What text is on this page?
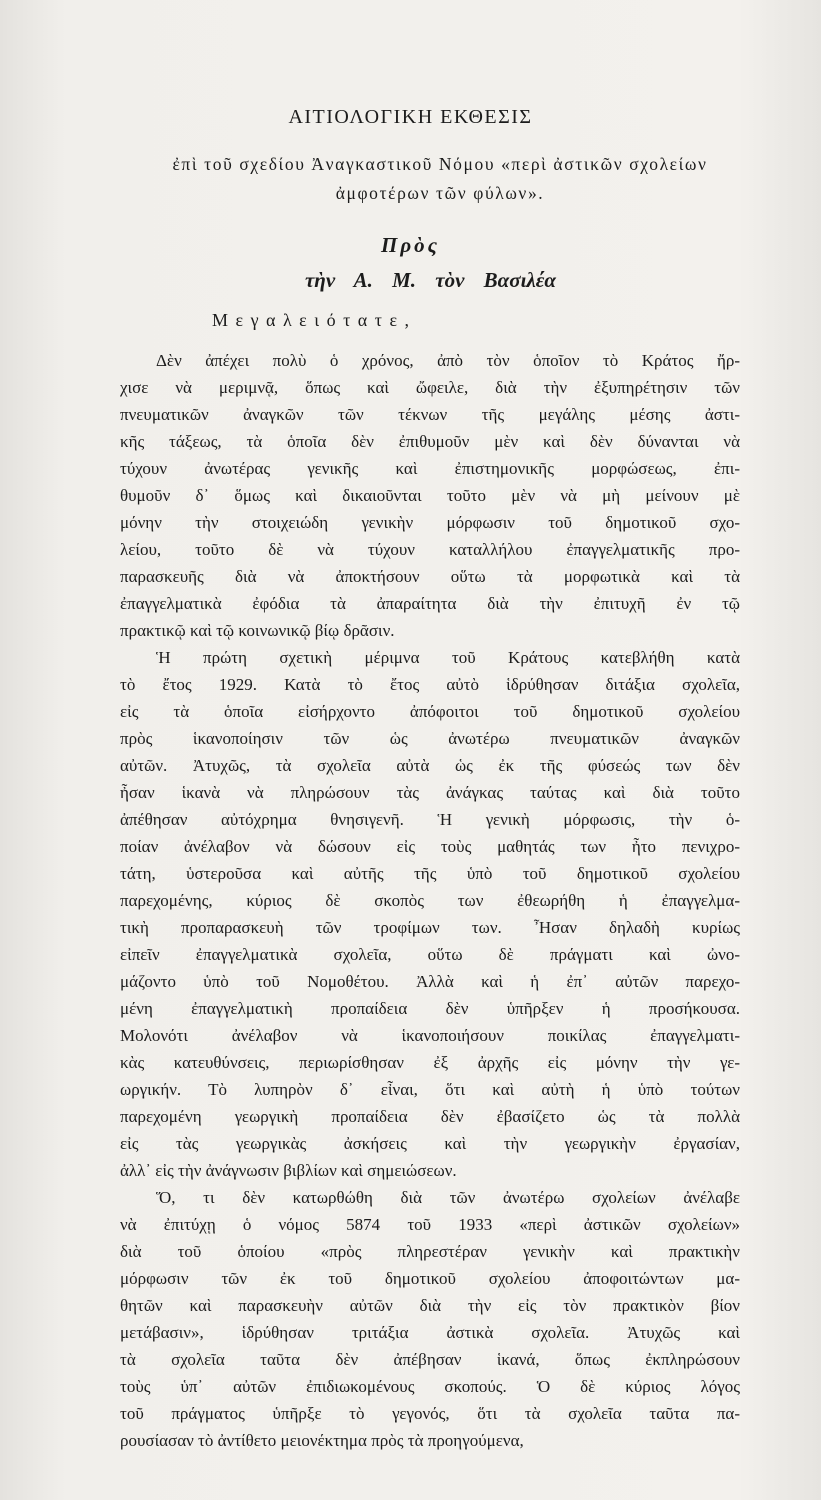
ΑΙΤΙΟΛΟΓΙΚΗ ΕΚΘΕΣΙΣ
ἐπὶ τοῦ σχεδίου Ἀναγκαστικοῦ Νόμου «περὶ ἀστικῶν σχολείων
ἀμφοτέρων τῶν φύλων».
Πρὸς
τὴν Α. Μ. τὸν Βασιλέα
Μεγαλειότατε,
Δὲν ἀπέχει πολὺ ὁ χρόνος, ἀπὸ τὸν ὁποῖον τὸ Κράτος ἤρ-
χισε νὰ μεριμνᾷ, ὅπως καὶ ὤφειλε, διὰ τὴν ἐξυπηρέτησιν τῶν
πνευματικῶν ἀναγκῶν τῶν τέκνων τῆς μεγάλης μέσης ἀστι-
κῆς τάξεως, τὰ ὁποῖα δὲν ἐπιθυμοῦν μὲν καὶ δὲν δύνανται νὰ
τύχουν ἀνωτέρας γενικῆς καὶ ἐπιστημονικῆς μορφώσεως, ἐπι-
θυμοῦν δ᾽ ὅμως καὶ δικαιοῦνται τοῦτο μὲν νὰ μὴ μείνουν μὲ
μόνην τὴν στοιχειώδη γενικὴν μόρφωσιν τοῦ δημοτικοῦ σχο-
λείου, τοῦτο δὲ νὰ τύχουν καταλλήλου ἐπαγγελματικῆς προ-
παρασκευῆς διὰ νὰ ἀποκτήσουν οὕτω τὰ μορφωτικὰ καὶ τὰ
ἐπαγγελματικὰ ἐφόδια τὰ ἀπαραίτητα διὰ τὴν ἐπιτυχῆ ἐν τῷ
πρακτικῷ καὶ τῷ κοινωνικῷ βίῳ δρᾶσιν.
Ἡ πρώτη σχετικὴ μέριμνα τοῦ Κράτους κατεβλήθη κατὰ
τὸ ἔτος 1929. Κατὰ τὸ ἔτος αὐτὸ ἱδρύθησαν διτάξια σχολεῖα,
εἰς τὰ ὁποῖα εἰσήρχοντο ἀπόφοιτοι τοῦ δημοτικοῦ σχολείου
πρὸς ἱκανοποίησιν τῶν ὡς ἀνωτέρω πνευματικῶν ἀναγκῶν
αὐτῶν. Ἀτυχῶς, τὰ σχολεῖα αὐτὰ ὡς ἐκ τῆς φύσεώς των δὲν
ἦσαν ἱκανὰ νὰ πληρώσουν τὰς ἀνάγκας ταύτας καὶ διὰ τοῦτο
ἀπέθησαν αὐτόχρημα θνησιγενῆ. Ἡ γενικὴ μόρφωσις, τὴν ὁ-
ποίαν ἀνέλαβον νὰ δώσουν εἰς τοὺς μαθητάς των ἦτο πενιχρο-
τάτη, ὑστεροῦσα καὶ αὐτῆς τῆς ὑπὸ τοῦ δημοτικοῦ σχολείου
παρεχομένης, κύριος δὲ σκοπὸς των ἐθεωρήθη ἡ ἐπαγγελμα-
τικὴ προπαρασκευὴ τῶν τροφίμων των. Ἦσαν δηλαδὴ κυρίως
εἰπεῖν ἐπαγγελματικὰ σχολεῖα, οὕτω δὲ πράγματι καὶ ὠνο-
μάζοντο ὑπὸ τοῦ Νομοθέτου. Ἀλλὰ καὶ ἡ ἐπ᾽ αὐτῶν παρεχο-
μένη ἐπαγγελματικὴ προπαίδεια δὲν ὑπῆρξεν ἡ προσήκουσα.
Μολονότι ἀνέλαβον νὰ ἱκανοποιήσουν ποικίλας ἐπαγγελματι-
κὰς κατευθύνσεις, περιωρίσθησαν ἐξ ἀρχῆς εἰς μόνην τὴν γε-
ωργικήν. Τὸ λυπηρὸν δ᾽ εἶναι, ὅτι καὶ αὐτὴ ἡ ὑπὸ τούτων
παρεχομένη γεωργικὴ προπαίδεια δὲν ἐβασίζετο ὡς τὰ πολλὰ
εἰς τὰς γεωργικὰς ἀσκήσεις καὶ τὴν γεωργικὴν ἐργασίαν,
ἀλλ᾽ εἰς τὴν ἀνάγνωσιν βιβλίων καὶ σημειώσεων.
Ὅ, τι δὲν κατωρθώθη διὰ τῶν ἀνωτέρω σχολείων ἀνέλαβε
νὰ ἐπιτύχῃ ὁ νόμος 5874 τοῦ 1933 «περὶ ἀστικῶν σχολείων»
διὰ τοῦ ὁποίου «πρὸς πληρεστέραν γενικὴν καὶ πρακτικὴν
μόρφωσιν τῶν ἐκ τοῦ δημοτικοῦ σχολείου ἀποφοιτώντων μα-
θητῶν καὶ παρασκευὴν αὐτῶν διὰ τὴν εἰς τὸν πρακτικὸν βίον
μετάβασιν», ἱδρύθησαν τριτάξια ἀστικὰ σχολεῖα. Ἀτυχῶς καὶ
τὰ σχολεῖα ταῦτα δὲν ἀπέβησαν ἱκανά, ὅπως ἐκπληρώσουν
τοὺς ὑπ᾽ αὐτῶν ἐπιδιωκομένους σκοπούς. Ὁ δὲ κύριος λόγος
τοῦ πράγματος ὑπῆρξε τὸ γεγονός, ὅτι τὰ σχολεῖα ταῦτα πα-
ρουσίασαν τὸ ἀντίθετο μειονέκτημα πρὸς τὰ προηγούμενα,
